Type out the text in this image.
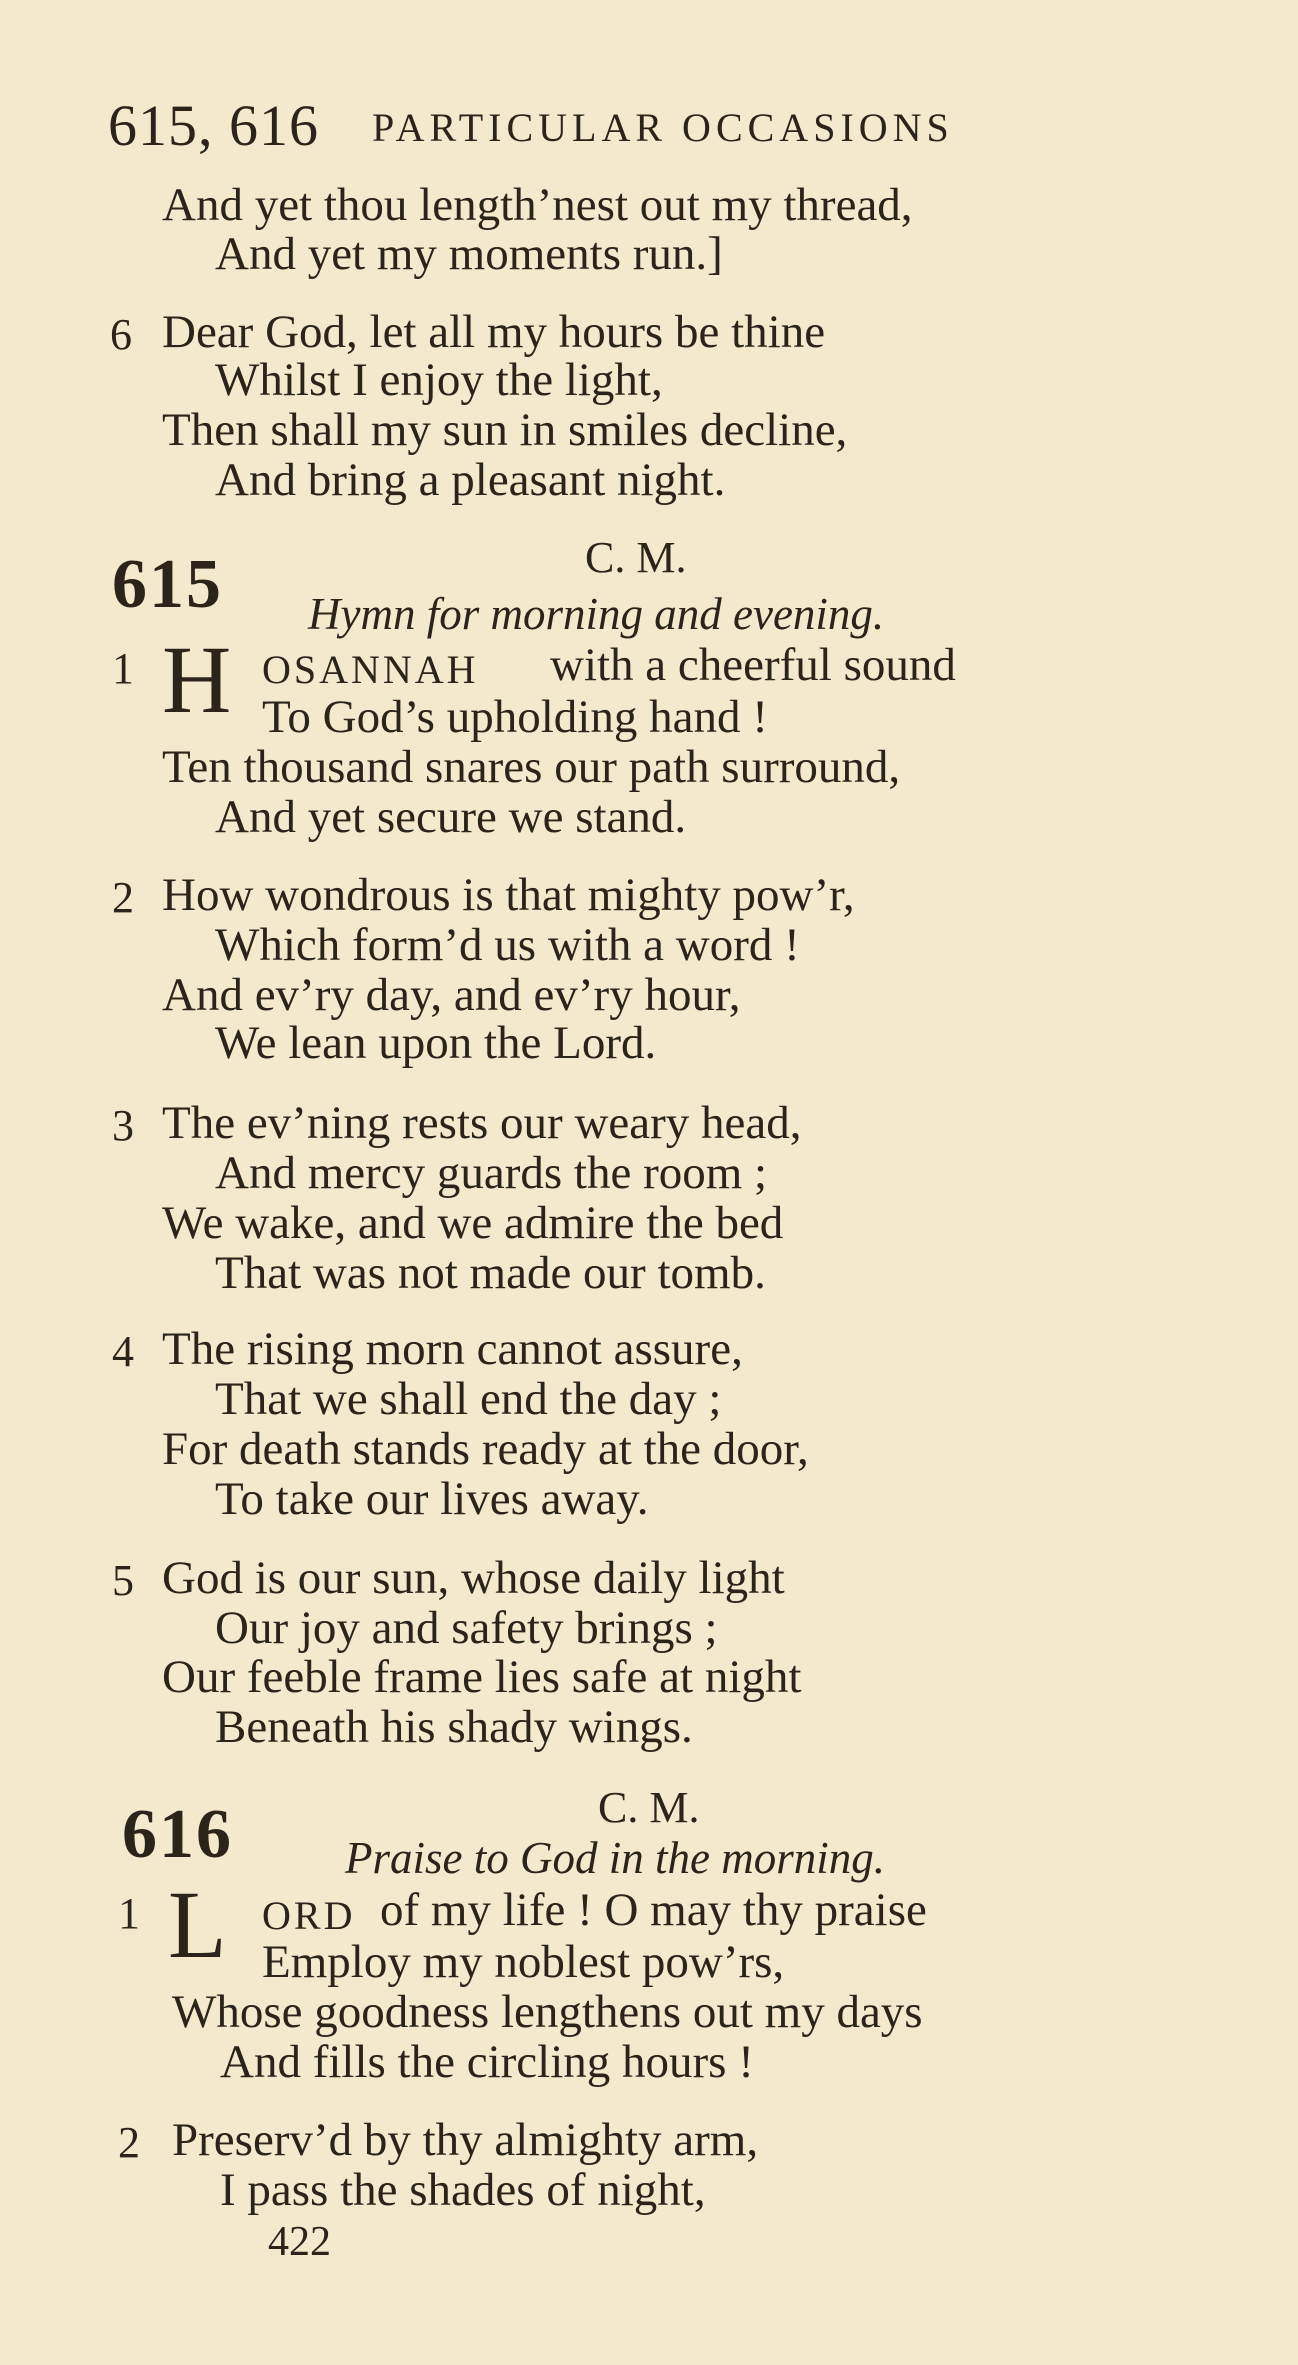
615, 616 PARTICULAR OCCASIONS
And yet thou length’nest out my thread,
And yet my moments run.]
6 Dear God, let all my hours be thine
Whilst I enjoy the light,
Then shall my sun in smiles decline,
And bring a pleasant night.
615	C. M.
Hymn for morning and evening.
1 H OSANNAH with a cheerful sound
To God’s upholding hand !
Ten thousand snares our path surround,
And yet secure we stand.
2 How wondrous is that mighty pow’r,
Which form’d us with a word !
And ev’ry day, and ev’ry hour,
We lean upon the Lord.
3 The ev’ning rests our weary head,
And mercy guards the room ;
We wake, and we admire the bed
That was not made our tomb.
4 The rising morn cannot assure,
That we shall end the day ;
For death stands ready at the door,
To take our lives away.
5 God is our sun, whose daily light
Our joy and safety brings ;
Our feeble frame lies safe at night
Beneath his shady wings.
616	C. M.
Praise to God in the morning.
1 L ORD of my life ! O may thy praise
Employ my noblest pow’rs,
Whose goodness lengthens out my days
And fills the circling hours !
2 Preserv’d by thy almighty arm,
I pass the shades of night,
422
